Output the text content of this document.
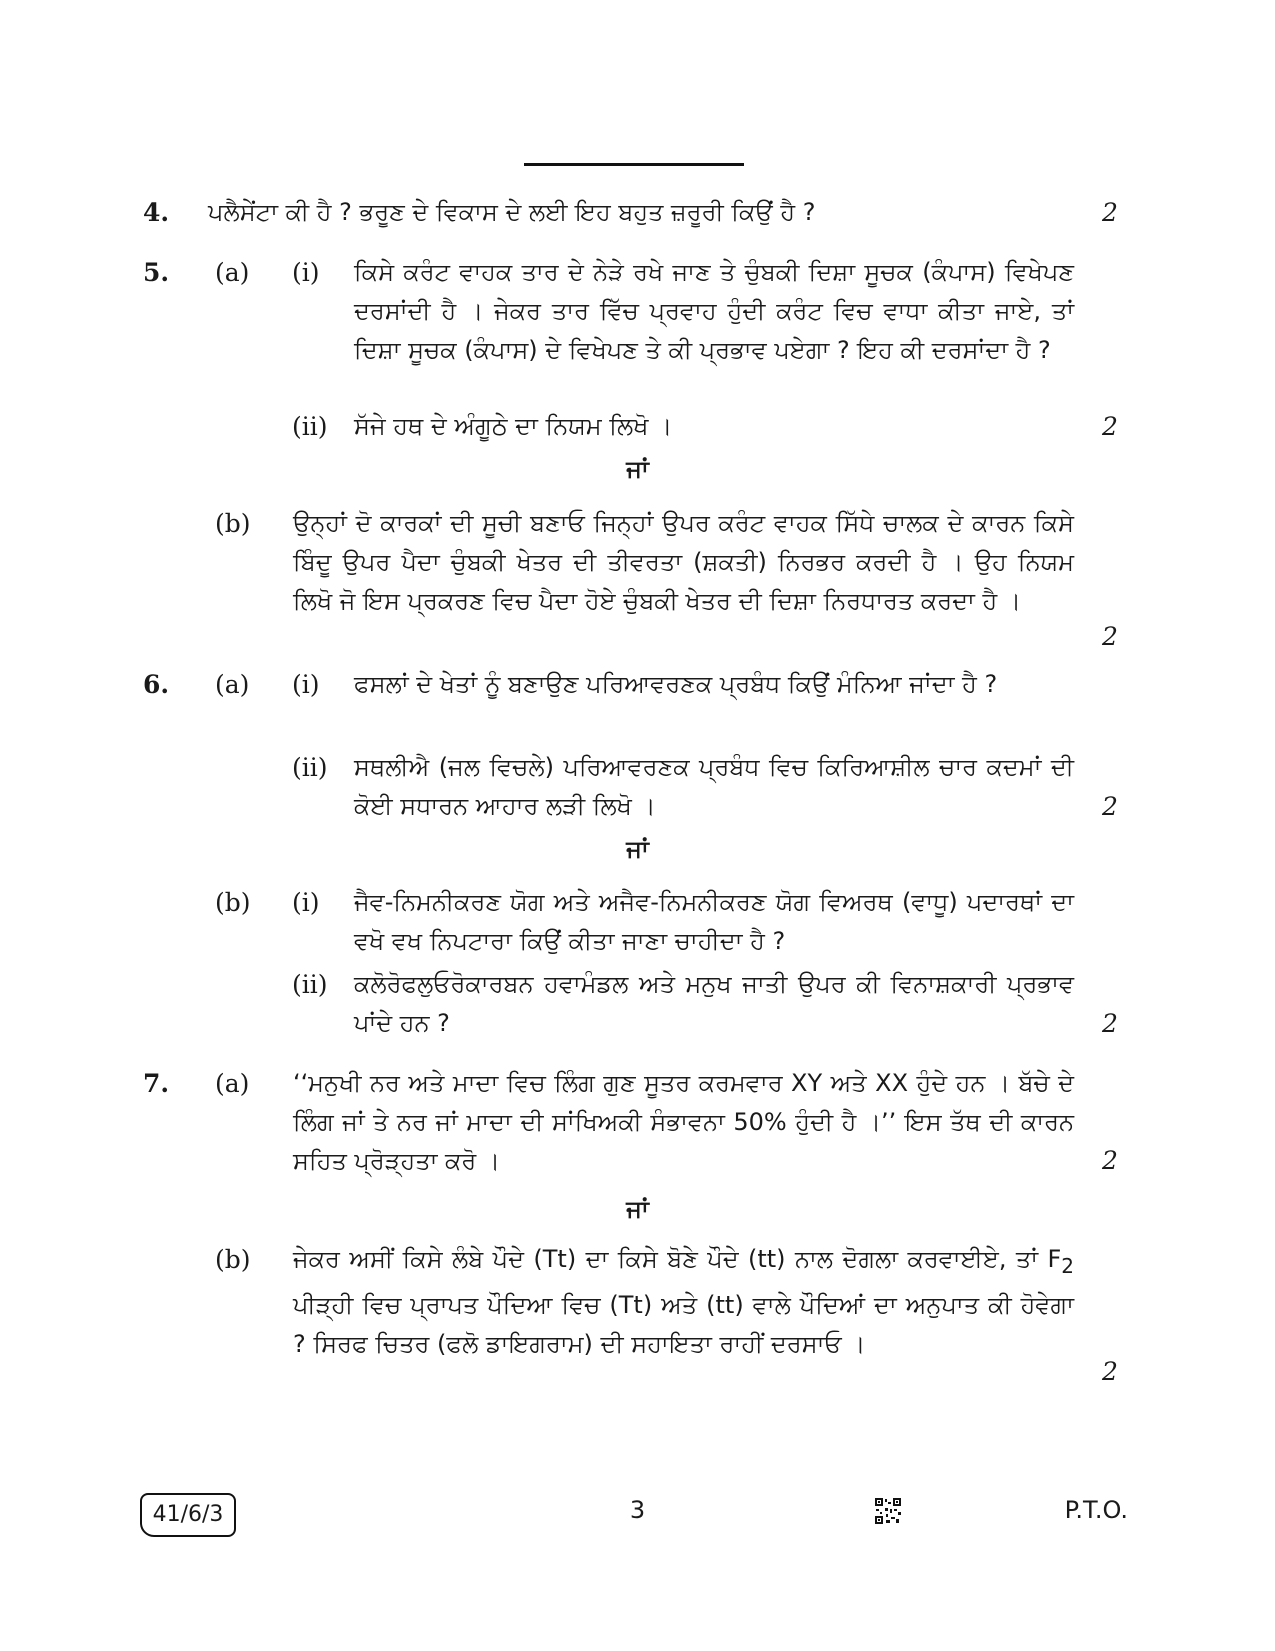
4. ਪਲੈਸੇਂਟਾ ਕੀ ਹੈ ? ਭਰੂਣ ਦੇ ਵਿਕਾਸ ਦੇ ਲਈ ਇਹ ਬਹੁਤ ਜ਼ਰੂਰੀ ਕਿਉਂ ਹੈ ?	2
5. (a) (i) ਕਿਸੇ ਕਰੰਟ ਵਾਹਕ ਤਾਰ ਦੇ ਨੇੜੇ ਰਖੇ ਜਾਣ ਤੇ ਚੁੰਬਕੀ ਦਿਸ਼ਾ ਸੂਚਕ (ਕੰਪਾਸ) ਵਿਖੇਪਣ ਦਰਸਾਂਦੀ ਹੈ । ਜੇਕਰ ਤਾਰ ਵਿੱਚ ਪ੍ਰਵਾਹ ਹੁੰਦੀ ਕਰੰਟ ਵਿਚ ਵਾਧਾ ਕੀਤਾ ਜਾਏ, ਤਾਂ ਦਿਸ਼ਾ ਸੂਚਕ (ਕੰਪਾਸ) ਦੇ ਵਿਖੇਪਣ ਤੇ ਕੀ ਪ੍ਰਭਾਵ ਪਏਗਾ ? ਇਹ ਕੀ ਦਰਸਾਂਦਾ ਹੈ ?
(ii) ਸੱਜੇ ਹਥ ਦੇ ਅੰਗੂਠੇ ਦਾ ਨਿਯਮ ਲਿਖੋ ।	2
ਜਾਂ
(b) ਉਨ੍ਹਾਂ ਦੋ ਕਾਰਕਾਂ ਦੀ ਸੂਚੀ ਬਣਾਓ ਜਿਨ੍ਹਾਂ ਉਪਰ ਕਰੰਟ ਵਾਹਕ ਸਿੱਧੇ ਚਾਲਕ ਦੇ ਕਾਰਨ ਕਿਸੇ ਬਿੰਦੂ ਉਪਰ ਪੈਦਾ ਚੁੰਬਕੀ ਖੇਤਰ ਦੀ ਤੀਵਰਤਾ (ਸ਼ਕਤੀ) ਨਿਰਭਰ ਕਰਦੀ ਹੈ । ਉਹ ਨਿਯਮ ਲਿਖੋ ਜੋ ਇਸ ਪ੍ਰਕਰਣ ਵਿਚ ਪੈਦਾ ਹੋਏ ਚੁੰਬਕੀ ਖੇਤਰ ਦੀ ਦਿਸ਼ਾ ਨਿਰਧਾਰਤ ਕਰਦਾ ਹੈ ।
2
6. (a) (i) ਫਸਲਾਂ ਦੇ ਖੇਤਾਂ ਨੂੰ ਬਣਾਉਣ ਪਰਿਆਵਰਣਕ ਪ੍ਰਬੰਧ ਕਿਉਂ ਮੰਨਿਆ ਜਾਂਦਾ ਹੈ ?
(ii) ਸਥਲੀਐ (ਜਲ ਵਿਚਲੇ) ਪਰਿਆਵਰਣਕ ਪ੍ਰਬੰਧ ਵਿਚ ਕਿਰਿਆਸ਼ੀਲ ਚਾਰ ਕਦਮਾਂ ਦੀ ਕੋਈ ਸਧਾਰਨ ਆਹਾਰ ਲੜੀ ਲਿਖੋ ।	2
ਜਾਂ
(b) (i) ਜੈਵ-ਨਿਮਨੀਕਰਣ ਯੋਗ ਅਤੇ ਅਜੈਵ-ਨਿਮਨੀਕਰਣ ਯੋਗ ਵਿਅਰਥ (ਵਾਧੂ) ਪਦਾਰਥਾਂ ਦਾ ਵਖੋ ਵਖ ਨਿਪਟਾਰਾ ਕਿਉਂ ਕੀਤਾ ਜਾਣਾ ਚਾਹੀਦਾ ਹੈ ?
(ii) ਕਲੋਰੋਫਲੁਓਰੋਕਾਰਬਨ ਹਵਾਮੰਡਲ ਅਤੇ ਮਨੁਖ ਜਾਤੀ ਉਪਰ ਕੀ ਵਿਨਾਸ਼ਕਾਰੀ ਪ੍ਰਭਾਵ ਪਾਂਦੇ ਹਨ ?	2
7. (a) ‘‘ਮਨੁਖੀ ਨਰ ਅਤੇ ਮਾਦਾ ਵਿਚ ਲਿੰਗ ਗੁਣ ਸੂਤਰ ਕਰਮਵਾਰ XY ਅਤੇ XX ਹੁੰਦੇ ਹਨ । ਬੱਚੇ ਦੇ ਲਿੰਗ ਜਾਂ ਤੇ ਨਰ ਜਾਂ ਮਾਦਾ ਦੀ ਸਾਂਖਿਅਕੀ ਸੰਭਾਵਨਾ 50% ਹੁੰਦੀ ਹੈ ।’’ ਇਸ ਤੱਥ ਦੀ ਕਾਰਨ ਸਹਿਤ ਪ੍ਰੋੜ੍ਹਤਾ ਕਰੋ ।	2
ਜਾਂ
(b) ਜੇਕਰ ਅਸੀਂ ਕਿਸੇ ਲੰਬੇ ਪੌਦੇ (Tt) ਦਾ ਕਿਸੇ ਬੋਣੇ ਪੌਦੇ (tt) ਨਾਲ ਦੋਗਲਾ ਕਰਵਾਈਏ, ਤਾਂ $F_2$ ਪੀੜ੍ਹੀ ਵਿਚ ਪ੍ਰਾਪਤ ਪੌਦਿਆ ਵਿਚ (Tt) ਅਤੇ (tt) ਵਾਲੇ ਪੌਦਿਆਂ ਦਾ ਅਨੁਪਾਤ ਕੀ ਹੋਵੇਗਾ ? ਸਿਰਫ ਚਿਤਰ (ਫਲੋ ਡਾਇਗਰਾਮ) ਦੀ ਸਹਾਇਤਾ ਰਾਹੀਂ ਦਰਸਾਓ ।
2
41/6/3	3	P.T.O.
